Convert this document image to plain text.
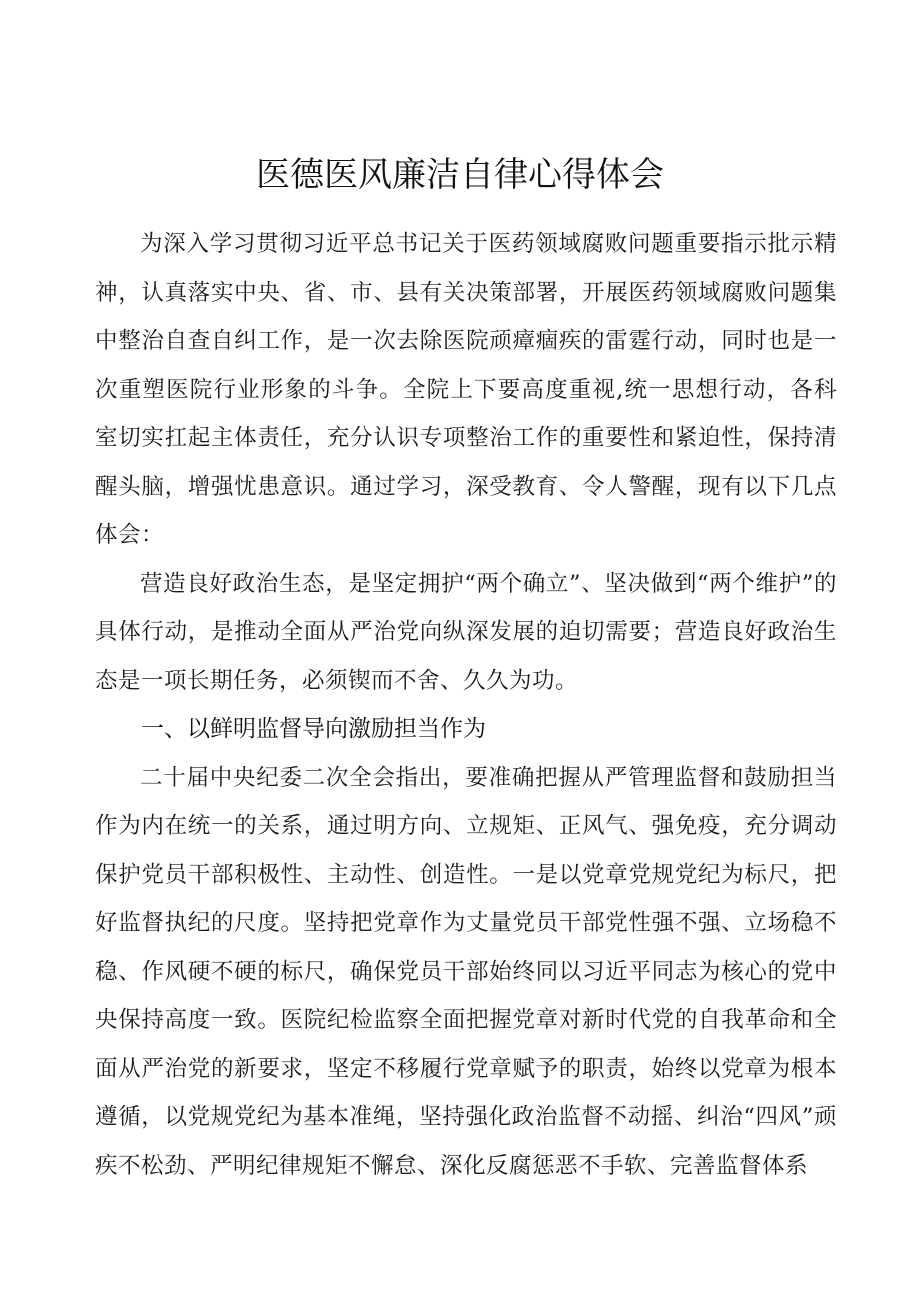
医德医风廉洁自律心得体会

为深入学习贯彻习近平总书记关于医药领域腐败问题重要指示批示精神，认真落实中央、省、市、县有关决策部署，开展医药领域腐败问题集中整治自查自纠工作，是一次去除医院顽瘴痼疾的雷霆行动，同时也是一次重塑医院行业形象的斗争。全院上下要高度重视,统一思想行动，各科室切实扛起主体责任，充分认识专项整治工作的重要性和紧迫性，保持清醒头脑，增强忧患意识。通过学习，深受教育、令人警醒，现有以下几点体会：

营造良好政治生态，是坚定拥护“两个确立”、坚决做到“两个维护”的具体行动，是推动全面从严治党向纵深发展的迫切需要；营造良好政治生态是一项长期任务，必须锲而不舍、久久为功。

一、以鲜明监督导向激励担当作为

二十届中央纪委二次全会指出，要准确把握从严管理监督和鼓励担当作为内在统一的关系，通过明方向、立规矩、正风气、强免疫，充分调动保护党员干部积极性、主动性、创造性。一是以党章党规党纪为标尺，把好监督执纪的尺度。坚持把党章作为丈量党员干部党性强不强、立场稳不稳、作风硬不硬的标尺，确保党员干部始终同以习近平同志为核心的党中央保持高度一致。医院纪检监察全面把握党章对新时代党的自我革命和全面从严治党的新要求，坚定不移履行党章赋予的职责，始终以党章为根本遵循，以党规党纪为基本准绳，坚持强化政治监督不动摇、纠治“四风”顽疾不松劲、严明纪律规矩不懈怠、深化反腐惩恶不手软、完善监督体系
